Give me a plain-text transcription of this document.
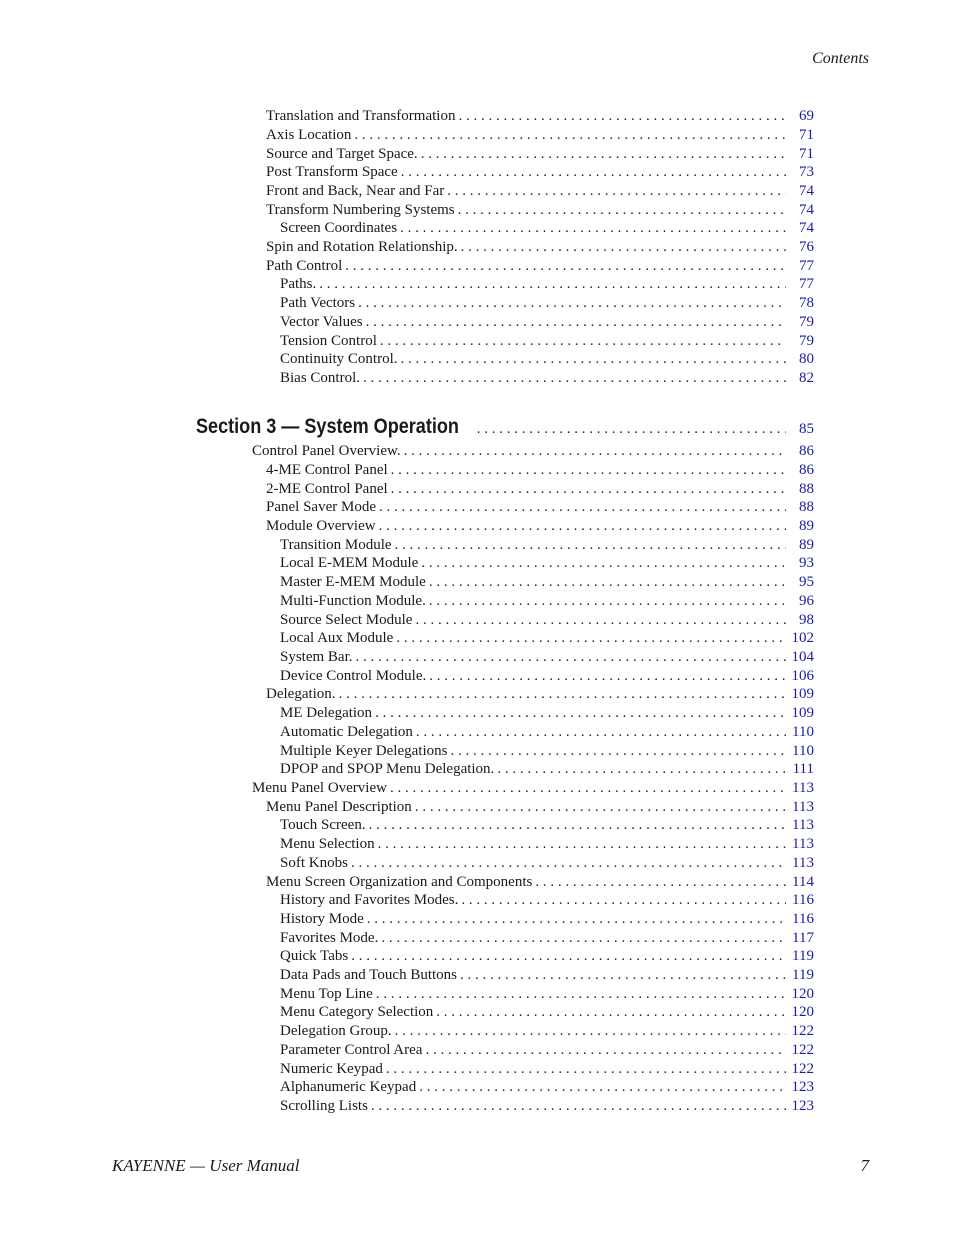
Contents
Translation and Transformation . . .	69
Axis Location . . .	71
Source and Target Space. . . .	71
Post Transform Space . . .	73
Front and Back, Near and Far . . .	74
Transform Numbering Systems . . .	74
Screen Coordinates . . .	74
Spin and Rotation Relationship. . . .	76
Path Control . . .	77
Paths. . . .	77
Path Vectors . . .	78
Vector Values . . .	79
Tension Control . . .	79
Continuity Control. . . .	80
Bias Control. . . .	82
Section 3 — System Operation . . .	85
Control Panel Overview. . . .	86
4-ME Control Panel . . .	86
2-ME Control Panel . . .	88
Panel Saver Mode . . .	88
Module Overview . . .	89
Transition Module . . .	89
Local E-MEM Module . . .	93
Master E-MEM Module . . .	95
Multi-Function Module. . . .	96
Source Select Module . . .	98
Local Aux Module . . .	102
System Bar. . . .	104
Device Control Module. . . .	106
Delegation. . . .	109
ME Delegation . . .	109
Automatic Delegation . . .	110
Multiple Keyer Delegations . . .	110
DPOP and SPOP Menu Delegation. . . .	111
Menu Panel Overview . . .	113
Menu Panel Description . . .	113
Touch Screen. . . .	113
Menu Selection . . .	113
Soft Knobs . . .	113
Menu Screen Organization and Components . . .	114
History and Favorites Modes. . . .	116
History Mode . . .	116
Favorites Mode. . . .	117
Quick Tabs . . .	119
Data Pads and Touch Buttons . . .	119
Menu Top Line . . .	120
Menu Category Selection . . .	120
Delegation Group. . . .	122
Parameter Control Area . . .	122
Numeric Keypad . . .	122
Alphanumeric Keypad . . .	123
Scrolling Lists . . .	123
KAYENNE — User Manual	7
